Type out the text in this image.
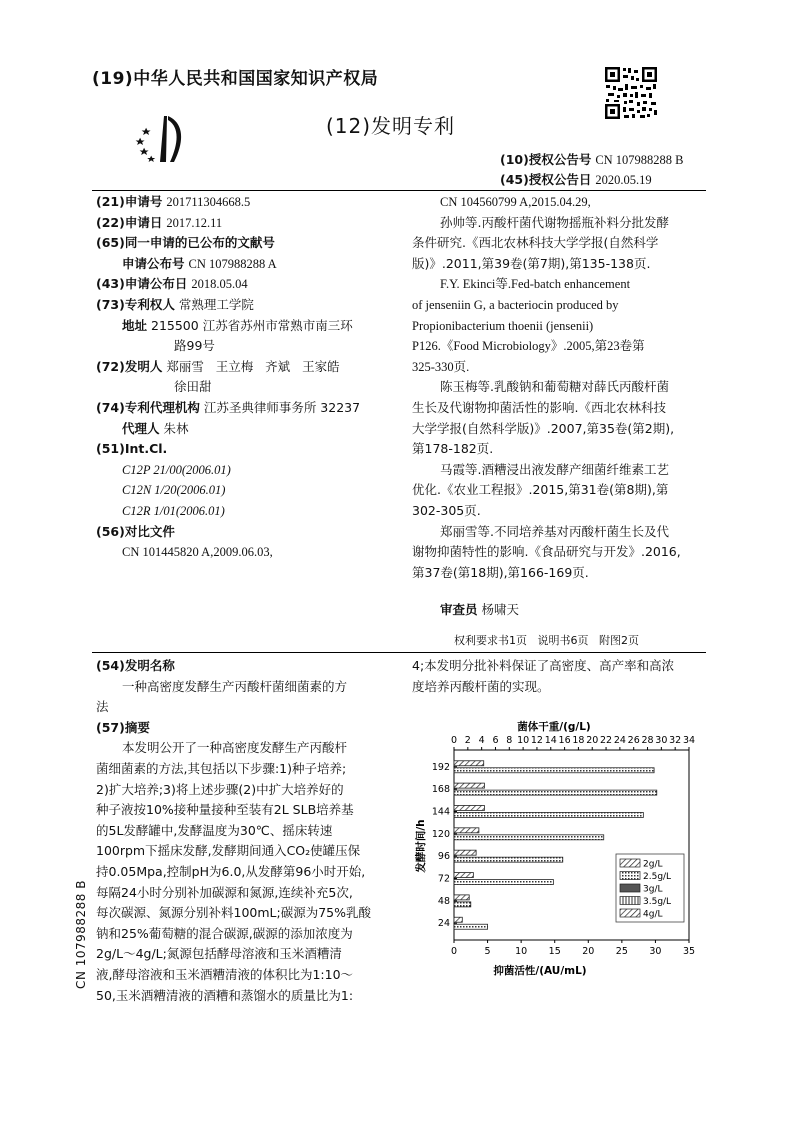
(19)中华人民共和国国家知识产权局
(12)发明专利
(10)授权公告号 CN 107988288 B
(45)授权公告日 2020.05.19
(21)申请号 201711304668.5
(22)申请日 2017.12.11
(65)同一申请的已公布的文献号
申请公布号 CN 107988288 A
(43)申请公布日 2018.05.04
(73)专利权人 常熟理工学院
地址 215500 江苏省苏州市常熟市南三环
路99号
(72)发明人 郑丽雪   王立梅   齐斌   王家皓
徐田甜
(74)专利代理机构 江苏圣典律师事务所 32237
代理人 朱林
(51)Int.Cl.
C12P 21/00(2006.01)
C12N 1/20(2006.01)
C12R 1/01(2006.01)
(56)对比文件
CN 101445820 A,2009.06.03,
CN 104560799 A,2015.04.29,
孙帅等.丙酸杆菌代谢物摇瓶补料分批发酵
条件研究.《西北农林科技大学学报(自然科学
版)》.2011,第39卷(第7期),第135-138页.
F.Y. Ekinci等.Fed-batch enhancement
of jenseniin G, a bacteriocin produced by
Propionibacterium thoenii (jensenii)
P126.《Food Microbiology》.2005,第23卷第
325-330页.
陈玉梅等.乳酸钠和葡萄糖对薛氏丙酸杆菌
生长及代谢物抑菌活性的影响.《西北农林科技
大学学报(自然科学版)》.2007,第35卷(第2期),
第178-182页.
马霞等.酒糟浸出液发酵产细菌纤维素工艺
优化.《农业工程报》.2015,第31卷(第8期),第
302-305页.
郑丽雪等.不同培养基对丙酸杆菌生长及代
谢物抑菌特性的影响.《食品研究与开发》.2016,
第37卷(第18期),第166-169页.
审查员 杨啸天
权利要求书1页   说明书6页   附图2页
CN 107988288 B
(54)发明名称
一种高密度发酵生产丙酸杆菌细菌素的方
法
(57)摘要
本发明公开了一种高密度发酵生产丙酸杆
菌细菌素的方法,其包括以下步骤:1)种子培养;
2)扩大培养;3)将上述步骤(2)中扩大培养好的
种子液按10%接种量接种至装有2L SLB培养基
的5L发酵罐中,发酵温度为30℃、摇床转速
100rpm下摇床发酵,发酵期间通入CO₂使罐压保
持0.05Mpa,控制pH为6.0,从发酵第96小时开始,
每隔24小时分别补加碳源和氮源,连续补充5次,
每次碳源、氮源分别补料100mL;碳源为75%乳酸
钠和25%葡萄糖的混合碳源,碳源的添加浓度为
2g/L～4g/L;氮源包括酵母溶液和玉米酒糟清
液,酵母溶液和玉米酒糟清液的体积比为1:10～
50,玉米酒糟清液的酒糟和蒸馏水的质量比为1:
4;本发明分批补料保证了高密度、高产率和高浓
度培养丙酸杆菌的实现。
菌体干重/(g/L)
0 2 4 6 8 10 12 14 16 18 20 22 24 26 28 30 32 34
24
48
72
96
120
144
168
192
0	5	10 15 20 25 30 35
发酵时间/h
抑菌活性/(AU/mL)
2g/L
2.5g/L
3g/L
3.5g/L
4g/L
